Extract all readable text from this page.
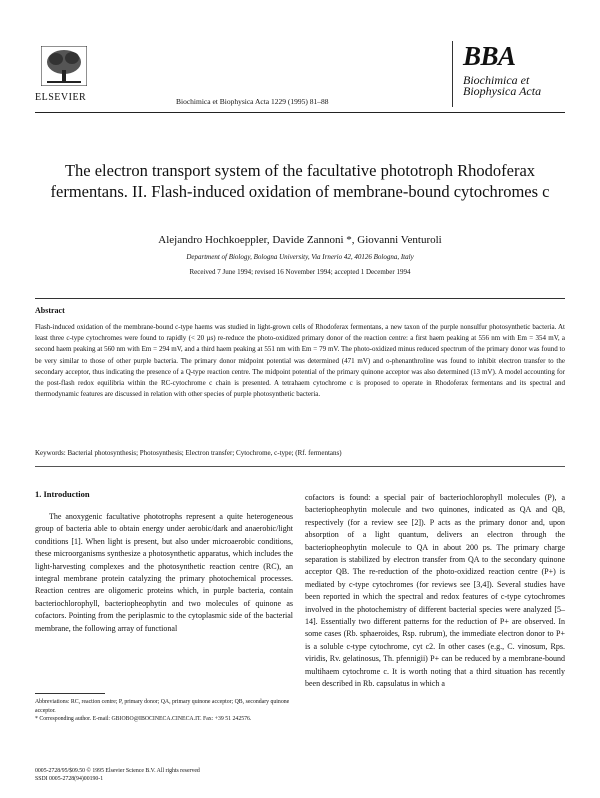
ELSEVIER	Biochimica et Biophysica Acta 1229 (1995) 81–88
BBA
Biochimica et Biophysica Acta
The electron transport system of the facultative phototroph Rhodoferax fermentans. II. Flash-induced oxidation of membrane-bound cytochromes c
Alejandro Hochkoeppler, Davide Zannoni *, Giovanni Venturoli
Department of Biology, Bologna University, Via Irnerio 42, 40126 Bologna, Italy
Received 7 June 1994; revised 16 November 1994; accepted 1 December 1994
Abstract
Flash-induced oxidation of the membrane-bound c-type haems was studied in light-grown cells of Rhodoferax fermentans, a new taxon of the purple nonsulfur photosynthetic bacteria. At least three c-type cytochromes were found to rapidly (< 20 µs) re-reduce the photo-oxidized primary donor of the reaction centre: a first haem peaking at 556 nm with Em = 354 mV, a second haem peaking at 560 nm with Em = 294 mV, and a third haem peaking at 551 nm with Em = 79 mV. The photo-oxidized minus reduced spectrum of the primary donor was found to be very similar to those of other purple bacteria. The primary donor midpoint potential was determined (471 mV) and o-phenanthroline was found to inhibit electron transfer to the secondary acceptor, thus indicating the presence of a Q-type reaction centre. The midpoint potential of the primary quinone acceptor was also determined (13 mV). A model accounting for the post-flash redox equilibria within the RC-cytochrome c chain is presented. A tetrahaem cytochrome c is proposed to operate in Rhodoferax fermentans and its spectral and thermodynamic features are discussed in relation with other species of purple photosynthetic bacteria.
Keywords: Bacterial photosynthesis; Photosynthesis; Electron transfer; Cytochrome, c-type; (Rf. fermentans)
1. Introduction

The anoxygenic facultative phototrophs represent a quite heterogeneous group of bacteria able to obtain energy under aerobic/dark and anaerobic/light conditions [1]. When light is present, but also under microaerobic conditions, these microorganisms synthesize a photosynthetic apparatus, which includes the light-harvesting complexes and the photosynthetic reaction centre (RC), an integral membrane protein catalyzing the primary photochemical processes. Reaction centres are oligomeric proteins which, in purple bacteria, contain bacteriochlorophyll, bacteriopheophytin and two molecules of quinone as cofactors. Pointing from the periplasmic to the cytoplasmic side of the bacterial membrane, the following array of functional

cofactors is found: a special pair of bacteriochlorophyll molecules (P), a bacteriopheophytin molecule and two quinones, indicated as QA and QB, respectively (for a review see [2]). P acts as the primary donor and, upon absorption of a light quantum, delivers an electron through the bacteriopheophytin molecule to QA in about 200 ps. The primary charge separation is stabilized by electron transfer from QA to the secondary quinone acceptor QB. The re-reduction of the photo-oxidized reaction centre (P+) is mediated by c-type cytochromes (for reviews see [3,4]). Several studies have been reported in which the spectral and redox features of c-type cytochromes involved in the photochemistry of different bacterial species were analyzed [5–14]. Essentially two different patterns for the reduction of P+ are observed. In some cases (Rb. sphaeroides, Rsp. rubrum), the immediate electron donor to P+ is a soluble c-type cytochrome, cyt c2. In other cases (e.g., C. vinosum, Rps. viridis, Rv. gelatinosus, Th. pfennigii) P+ can be reduced by a membrane-bound multihaem cytochrome c. It is worth noting that a third situation has recently been described in Rb. capsulatus in which a

Abbreviations: RC, reaction centre; P, primary donor; QA, primary quinone acceptor; QB, secondary quinone acceptor.
* Corresponding author. E-mail: GBIOBO@IBOCINECA.CINECA.IT. Fax: +39 51 242576.
0005-2728/95/$09.50 © 1995 Elsevier Science B.V. All rights reserved
SSDI 0005-2728(94)00190-1
